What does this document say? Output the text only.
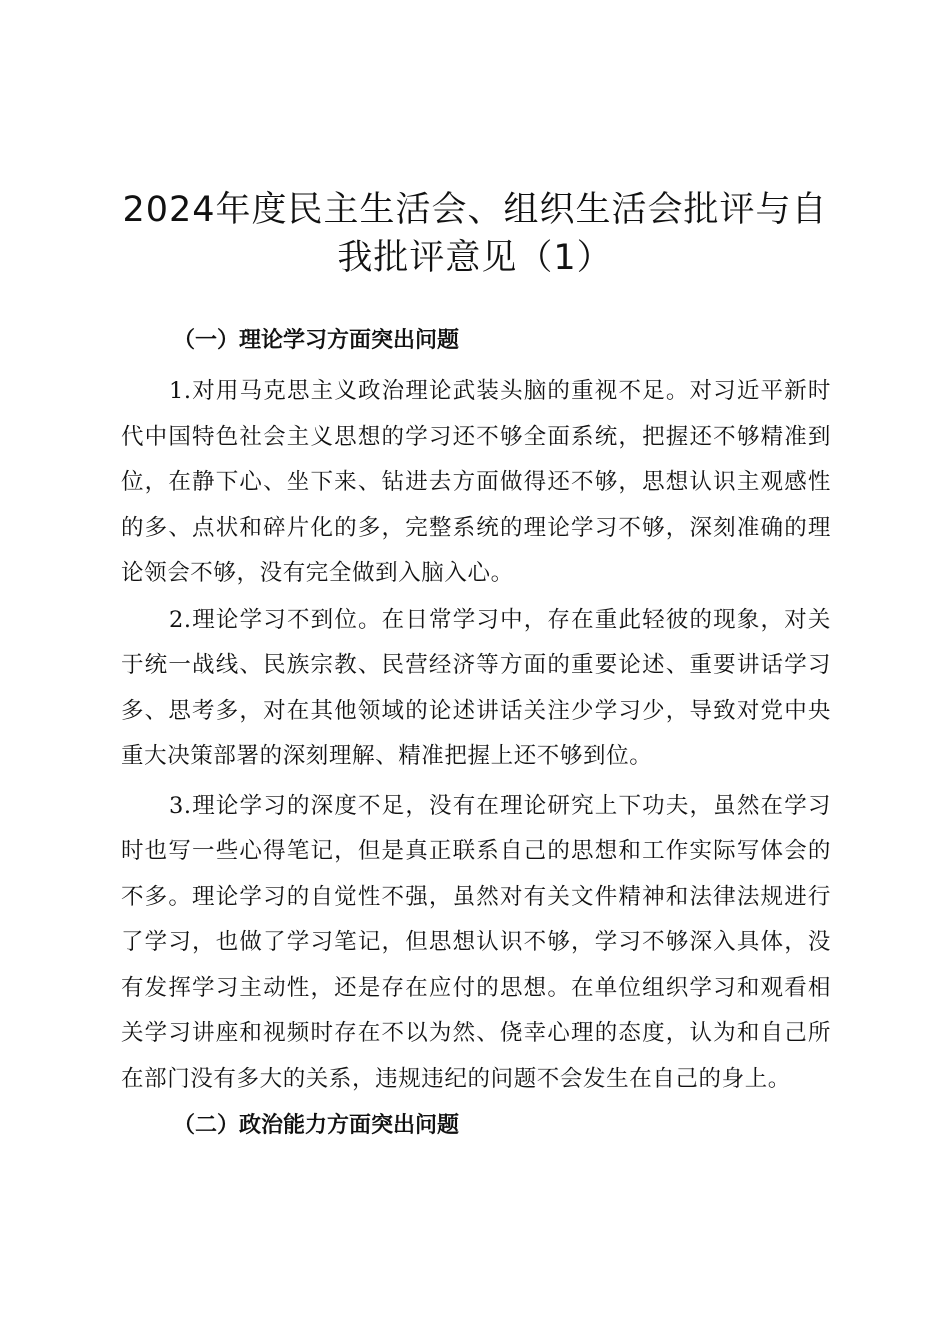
2024年度民主生活会、组织生活会批评与自
我批评意见（1）

（一）理论学习方面突出问题

1.对用马克思主义政治理论武装头脑的重视不足。对习近平新时代中国特色社会主义思想的学习还不够全面系统，把握还不够精准到位，在静下心、坐下来、钻进去方面做得还不够，思想认识主观感性的多、点状和碎片化的多，完整系统的理论学习不够，深刻准确的理论领会不够，没有完全做到入脑入心。

2.理论学习不到位。在日常学习中，存在重此轻彼的现象，对关于统一战线、民族宗教、民营经济等方面的重要论述、重要讲话学习多、思考多，对在其他领域的论述讲话关注少学习少，导致对党中央重大决策部署的深刻理解、精准把握上还不够到位。

3.理论学习的深度不足，没有在理论研究上下功夫，虽然在学习时也写一些心得笔记，但是真正联系自己的思想和工作实际写体会的不多。理论学习的自觉性不强，虽然对有关文件精神和法律法规进行了学习，也做了学习笔记，但思想认识不够，学习不够深入具体，没有发挥学习主动性，还是存在应付的思想。在单位组织学习和观看相关学习讲座和视频时存在不以为然、侥幸心理的态度，认为和自己所在部门没有多大的关系，违规违纪的问题不会发生在自己的身上。

（二）政治能力方面突出问题
